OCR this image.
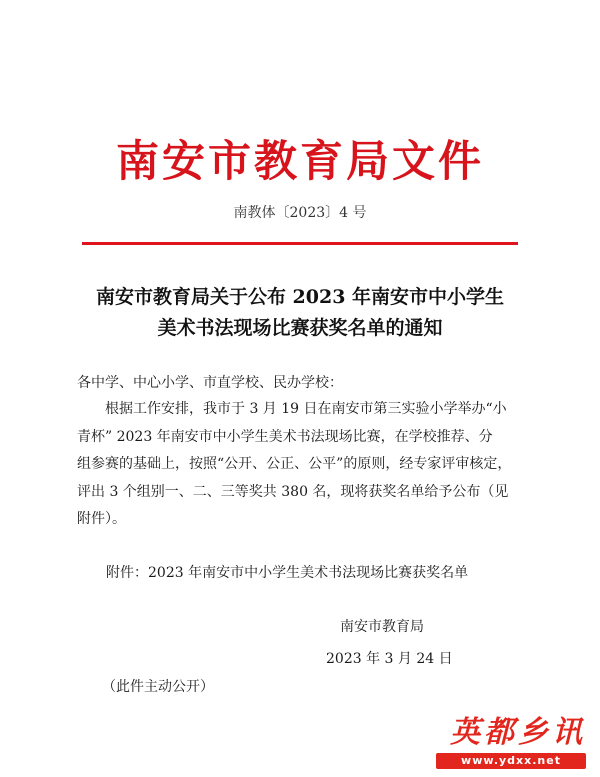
南安市教育局文件
南教体〔2023〕4 号
南安市教育局关于公布 2023 年南安市中小学生
美术书法现场比赛获奖名单的通知
各中学、中心小学、市直学校、民办学校：
　　根据工作安排，我市于 3 月 19 日在南安市第三实验小学举办“小
青杯” 2023 年南安市中小学生美术书法现场比赛，在学校推荐、分
组参赛的基础上，按照“公开、公正、公平”的原则，经专家评审核定，
评出 3 个组别一、二、三等奖共 380 名，现将获奖名单给予公布（见
附件）。
附件：2023 年南安市中小学生美术书法现场比赛获奖名单
南安市教育局
2023 年 3 月 24 日
（此件主动公开）
英都乡讯
www.ydxx.net
